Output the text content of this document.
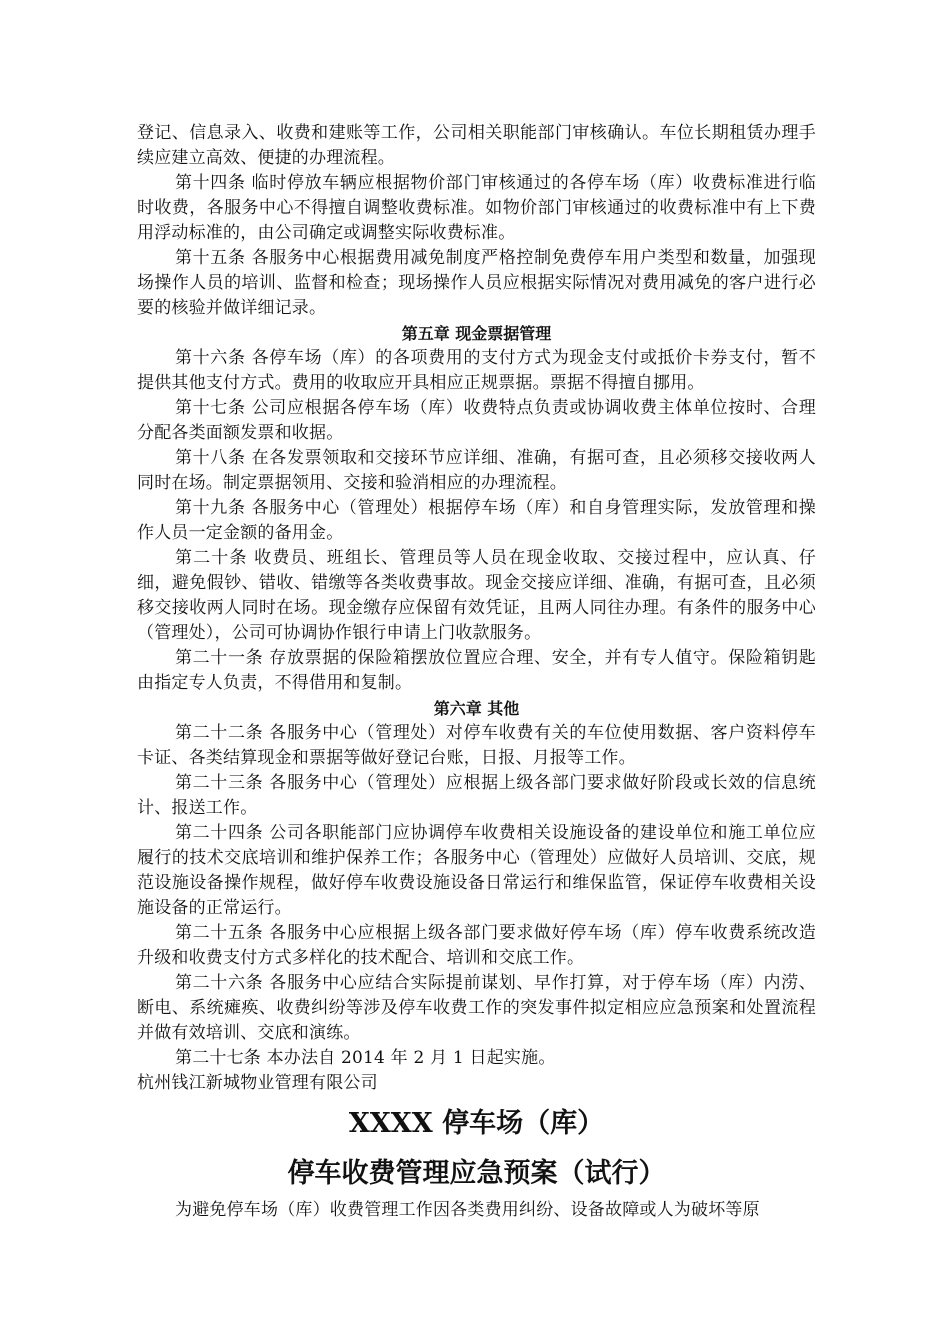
登记、信息录入、收费和建账等工作，公司相关职能部门审核确认。车位长期租赁办理手续应建立高效、便捷的办理流程。

第十四条 临时停放车辆应根据物价部门审核通过的各停车场（库）收费标准进行临时收费，各服务中心不得擅自调整收费标准。如物价部门审核通过的收费标准中有上下费用浮动标准的，由公司确定或调整实际收费标准。

第十五条 各服务中心根据费用减免制度严格控制免费停车用户类型和数量，加强现场操作人员的培训、监督和检查；现场操作人员应根据实际情况对费用减免的客户进行必要的核验并做详细记录。

第五章 现金票据管理

第十六条 各停车场（库）的各项费用的支付方式为现金支付或抵价卡券支付，暂不提供其他支付方式。费用的收取应开具相应正规票据。票据不得擅自挪用。

第十七条 公司应根据各停车场（库）收费特点负责或协调收费主体单位按时、合理分配各类面额发票和收据。

第十八条 在各发票领取和交接环节应详细、准确，有据可查，且必须移交接收两人同时在场。制定票据领用、交接和验消相应的办理流程。

第十九条 各服务中心（管理处）根据停车场（库）和自身管理实际，发放管理和操作人员一定金额的备用金。

第二十条 收费员、班组长、管理员等人员在现金收取、交接过程中，应认真、仔细，避免假钞、错收、错缴等各类收费事故。现金交接应详细、准确，有据可查，且必须移交接收两人同时在场。现金缴存应保留有效凭证，且两人同往办理。有条件的服务中心（管理处），公司可协调协作银行申请上门收款服务。

第二十一条 存放票据的保险箱摆放位置应合理、安全，并有专人值守。保险箱钥匙由指定专人负责，不得借用和复制。

第六章 其他

第二十二条 各服务中心（管理处）对停车收费有关的车位使用数据、客户资料停车卡证、各类结算现金和票据等做好登记台账，日报、月报等工作。

第二十三条 各服务中心（管理处）应根据上级各部门要求做好阶段或长效的信息统计、报送工作。

第二十四条 公司各职能部门应协调停车收费相关设施设备的建设单位和施工单位应履行的技术交底培训和维护保养工作；各服务中心（管理处）应做好人员培训、交底，规范设施设备操作规程，做好停车收费设施设备日常运行和维保监管，保证停车收费相关设施设备的正常运行。

第二十五条 各服务中心应根据上级各部门要求做好停车场（库）停车收费系统改造升级和收费支付方式多样化的技术配合、培训和交底工作。

第二十六条 各服务中心应结合实际提前谋划、早作打算，对于停车场（库）内涝、断电、系统瘫痪、收费纠纷等涉及停车收费工作的突发事件拟定相应应急预案和处置流程并做有效培训、交底和演练。

第二十七条 本办法自 2014 年 2 月 1 日起实施。

杭州钱江新城物业管理有限公司

XXXX 停车场（库）
停车收费管理应急预案（试行）

为避免停车场（库）收费管理工作因各类费用纠纷、设备故障或人为破坏等原
